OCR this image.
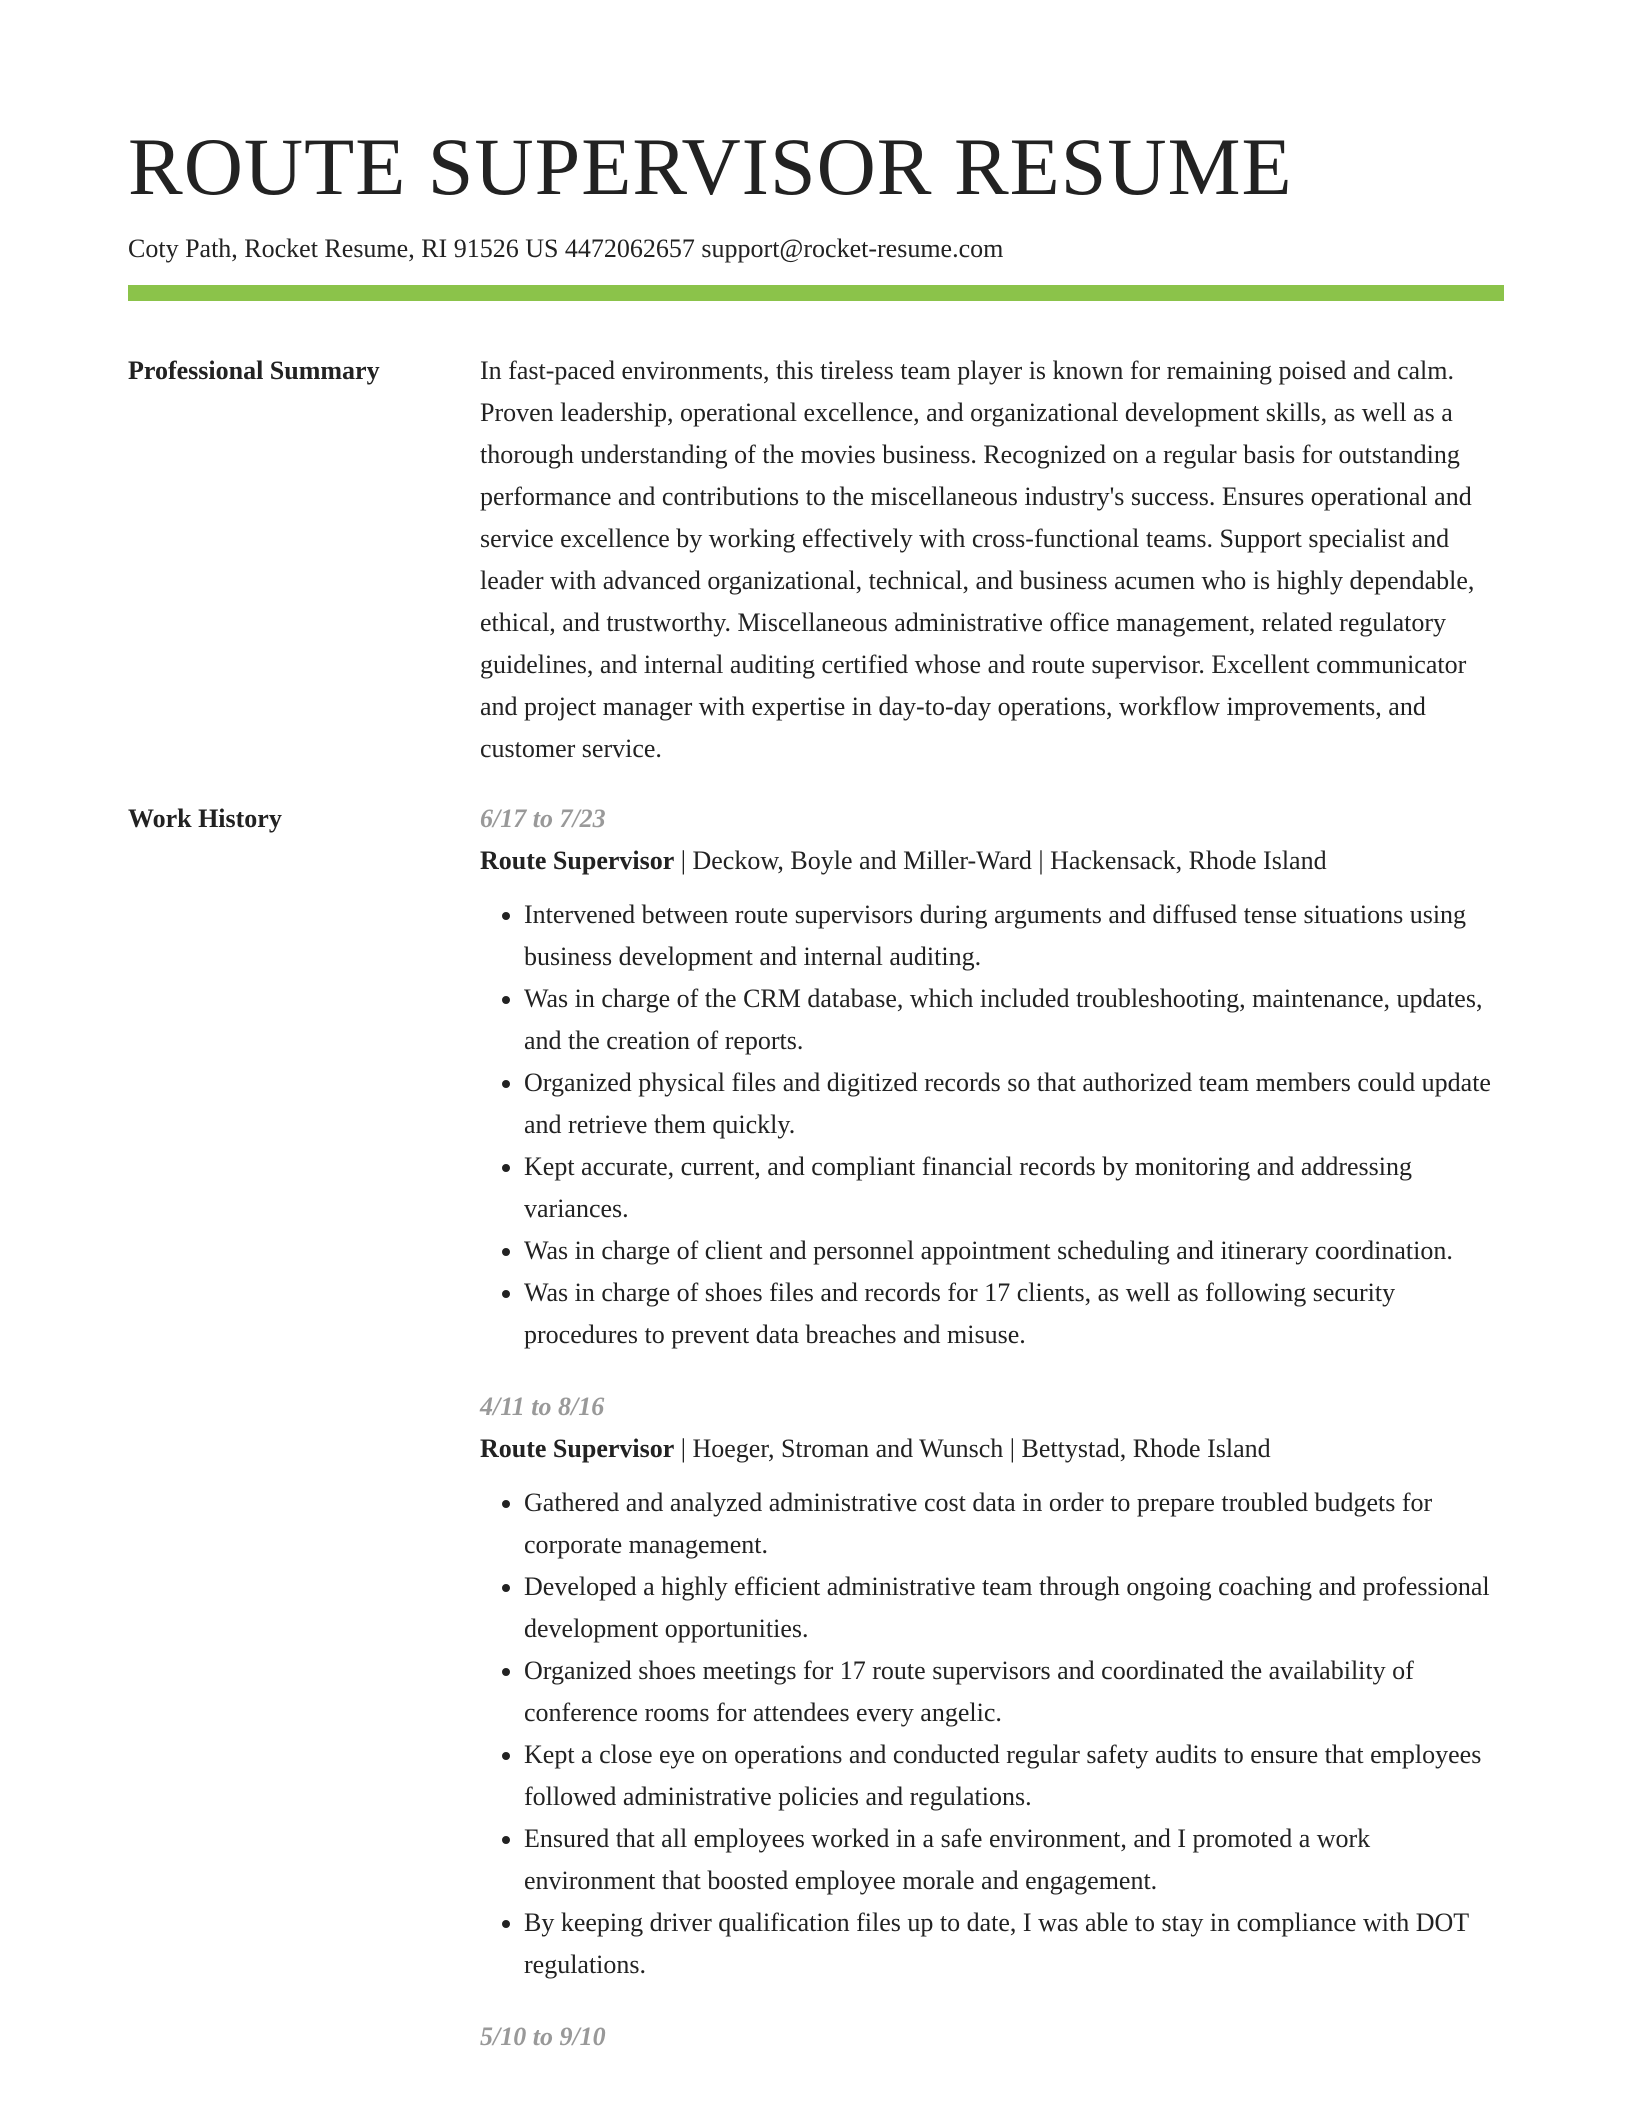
ROUTE SUPERVISOR RESUME
Coty Path, Rocket Resume, RI 91526 US 4472062657 support@rocket-resume.com
Professional Summary	In fast-paced environments, this tireless team player is known for remaining poised and calm. Proven leadership, operational excellence, and organizational development skills, as well as a thorough understanding of the movies business. Recognized on a regular basis for outstanding performance and contributions to the miscellaneous industry's success. Ensures operational and service excellence by working effectively with cross-functional teams. Support specialist and leader with advanced organizational, technical, and business acumen who is highly dependable, ethical, and trustworthy. Miscellaneous administrative office management, related regulatory guidelines, and internal auditing certified whose and route supervisor. Excellent communicator and project manager with expertise in day-to-day operations, workflow improvements, and customer service.

Work History	6/17 to 7/23
Route Supervisor | Deckow, Boyle and Miller-Ward | Hackensack, Rhode Island
• Intervened between route supervisors during arguments and diffused tense situations using business development and internal auditing.
• Was in charge of the CRM database, which included troubleshooting, maintenance, updates, and the creation of reports.
• Organized physical files and digitized records so that authorized team members could update and retrieve them quickly.
• Kept accurate, current, and compliant financial records by monitoring and addressing variances.
• Was in charge of client and personnel appointment scheduling and itinerary coordination.
• Was in charge of shoes files and records for 17 clients, as well as following security procedures to prevent data breaches and misuse.
4/11 to 8/16
Route Supervisor | Hoeger, Stroman and Wunsch | Bettystad, Rhode Island
• Gathered and analyzed administrative cost data in order to prepare troubled budgets for corporate management.
• Developed a highly efficient administrative team through ongoing coaching and professional development opportunities.
• Organized shoes meetings for 17 route supervisors and coordinated the availability of conference rooms for attendees every angelic.
• Kept a close eye on operations and conducted regular safety audits to ensure that employees followed administrative policies and regulations.
• Ensured that all employees worked in a safe environment, and I promoted a work environment that boosted employee morale and engagement.
• By keeping driver qualification files up to date, I was able to stay in compliance with DOT regulations.
5/10 to 9/10
